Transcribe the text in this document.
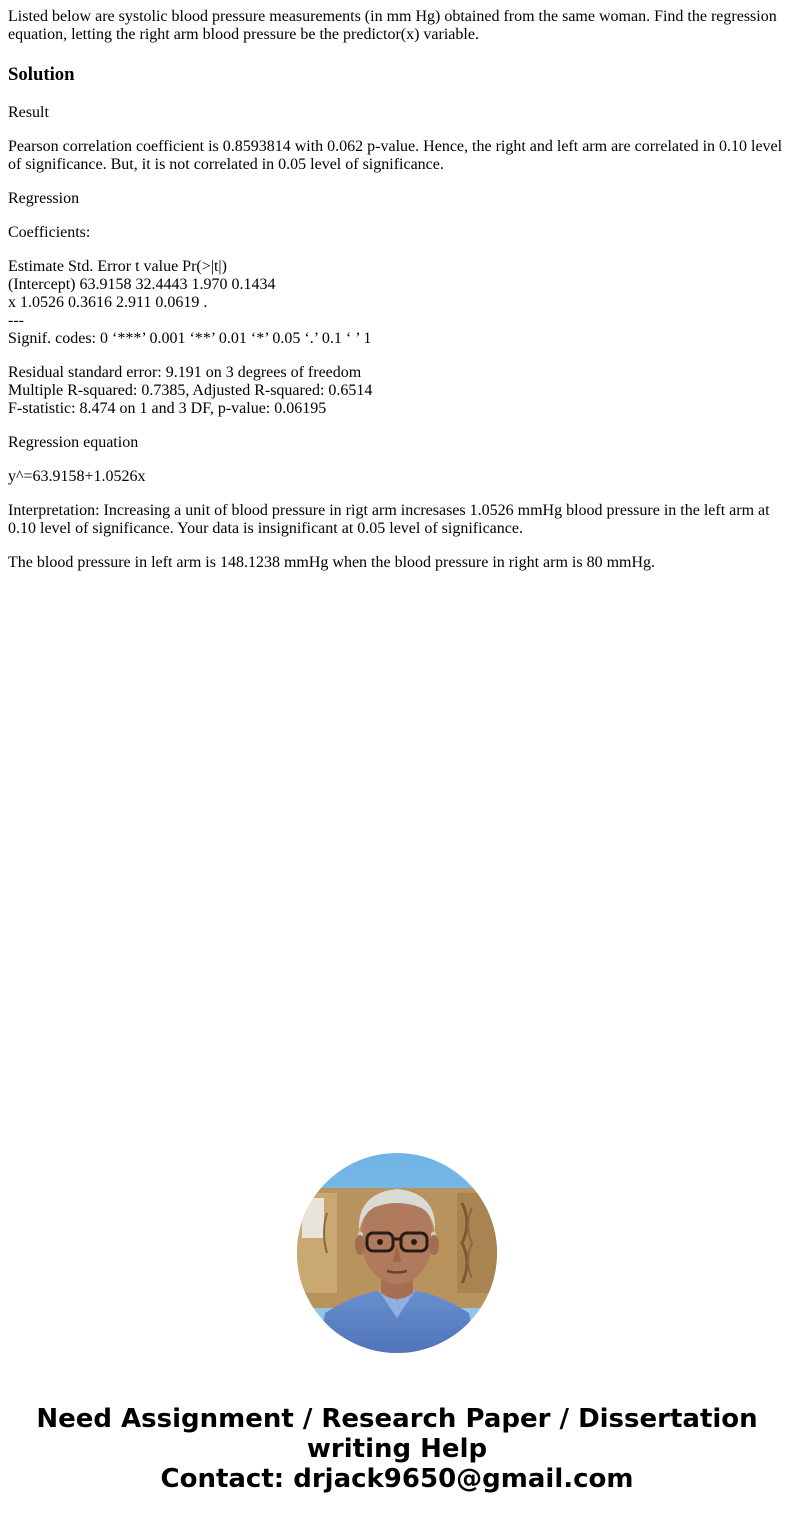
Listed below are systolic blood pressure measurements (in mm Hg) obtained from the same woman. Find the regression equation, letting the right arm blood pressure be the predictor(x) variable.

Solution

Result

Pearson correlation coefficient is 0.8593814 with 0.062 p-value. Hence, the right and left arm are correlated in 0.10 level of significance. But, it is not correlated in 0.05 level of significance.

Regression

Coefficients:

Estimate Std. Error t value Pr(>|t|)
(Intercept) 63.9158 32.4443 1.970 0.1434
x 1.0526 0.3616 2.911 0.0619 .
---
Signif. codes: 0 ‘***’ 0.001 ‘**’ 0.01 ‘*’ 0.05 ‘.’ 0.1 ‘ ’ 1

Residual standard error: 9.191 on 3 degrees of freedom
Multiple R-squared: 0.7385, Adjusted R-squared: 0.6514
F-statistic: 8.474 on 1 and 3 DF, p-value: 0.06195

Regression equation

y^=63.9158+1.0526x

Interpretation: Increasing a unit of blood pressure in rigt arm incresases 1.0526 mmHg blood pressure in the left arm at 0.10 level of significance. Your data is insignificant at 0.05 level of significance.

The blood pressure in left arm is 148.1238 mmHg when the blood pressure in right arm is 80 mmHg.

Need Assignment / Research Paper / Dissertation
writing Help
Contact: drjack9650@gmail.com
